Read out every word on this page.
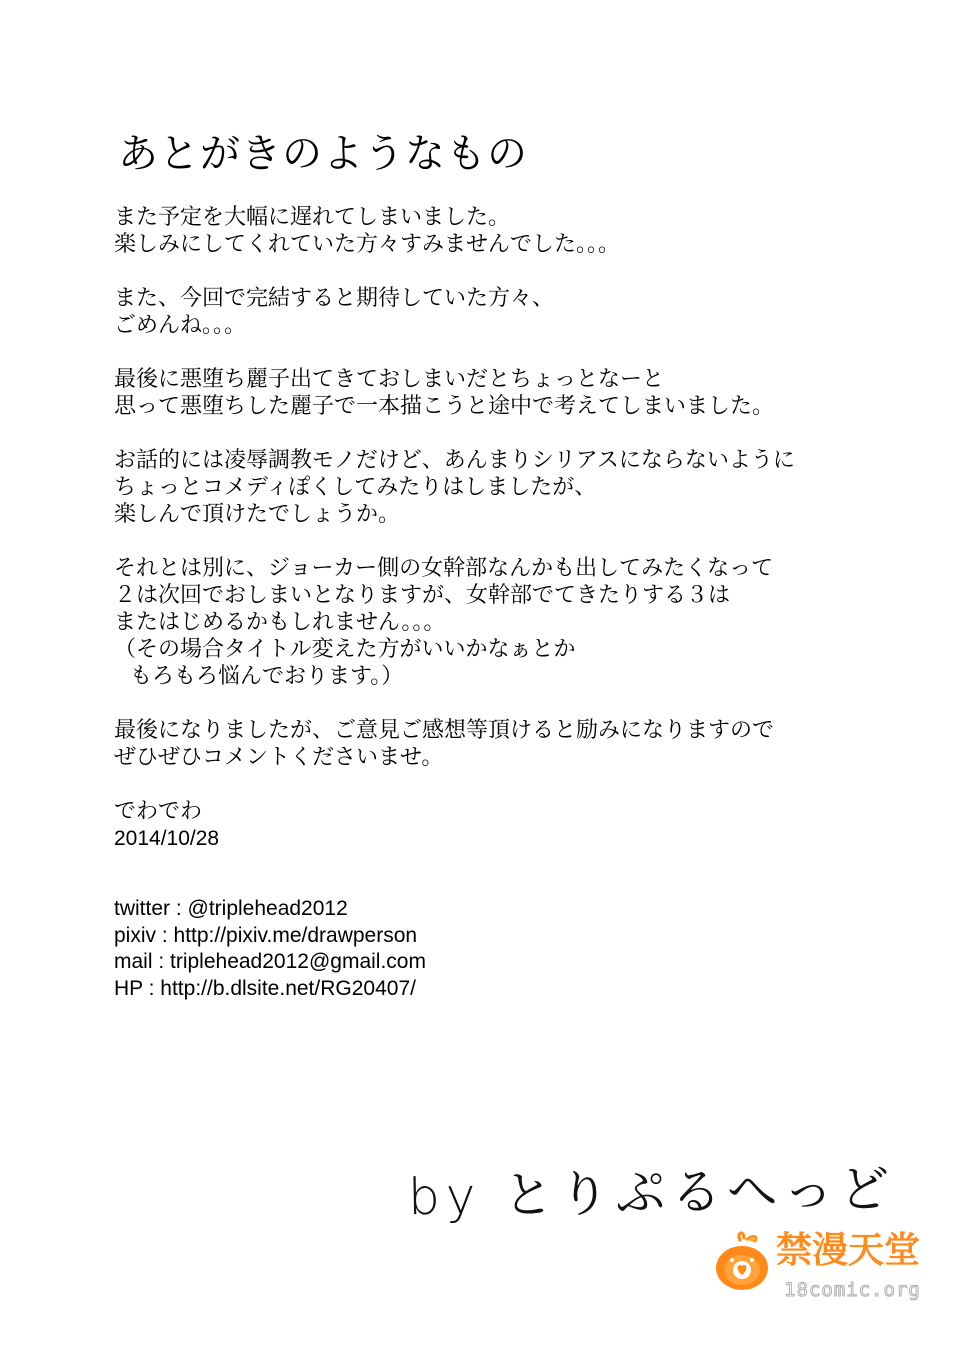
あとがきのようなもの
また予定を大幅に遅れてしまいました。
楽しみにしてくれていた方々すみませんでした。。。
また、今回で完結すると期待していた方々、
ごめんね。。。
最後に悪堕ち麗子出てきておしまいだとちょっとなーと
思って悪堕ちした麗子で一本描こうと途中で考えてしまいました。
お話的には凌辱調教モノだけど、あんまりシリアスにならないように
ちょっとコメディぽくしてみたりはしましたが、
楽しんで頂けたでしょうか。
それとは別に、ジョーカー側の女幹部なんかも出してみたくなって
２は次回でおしまいとなりますが、女幹部でてきたりする３は
またはじめるかもしれません。。。
（その場合タイトル変えた方がいいかなぁとか
もろもろ悩んでおります。）
最後になりましたが、ご意見ご感想等頂けると励みになりますので
ぜひぜひコメントくださいませ。
でわでわ
2014/10/28
twitter : @triplehead2012
pixiv : http://pixiv.me/drawperson
mail : triplehead2012@gmail.com
HP : http://b.dlsite.net/RG20407/
by とりぷるへっど
禁漫天堂
18comic.org
